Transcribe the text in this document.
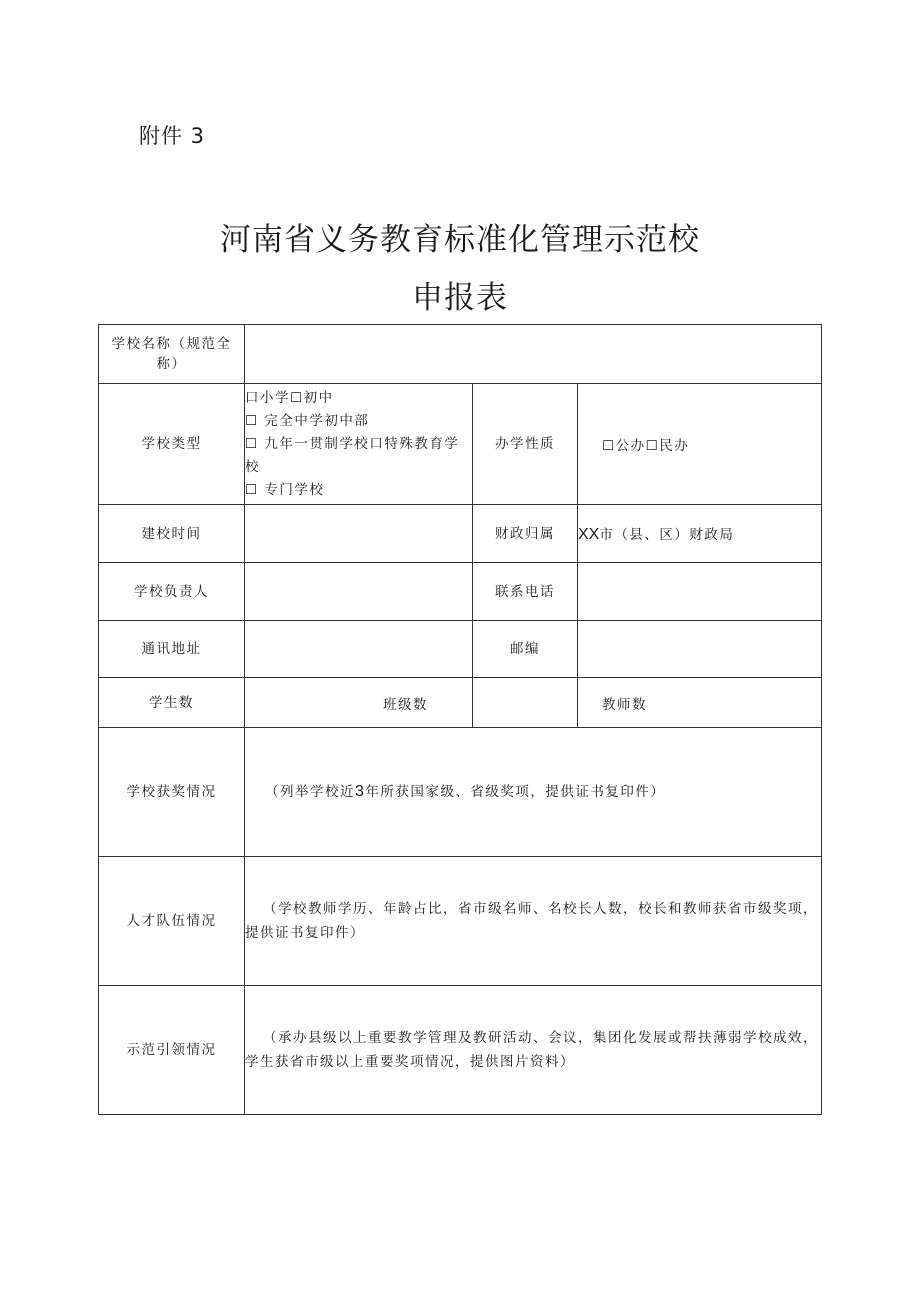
附件 3
河南省义务教育标准化管理示范校
申报表
学校名称（规范全称）			
学校类型	口小学☐初中
☐ 完全中学初中部
☐ 九年一贯制学校口特殊教育学校
☐ 专门学校	办学性质	☐公办☐民办
建校时间		财政归属	XX市（县、区）财政局
学校负责人		联系电话	
通讯地址		邮编	
学生数	班级数		教师数
学校获奖情况	（列举学校近3年所获国家级、省级奖项，提供证书复印件）		

人才队伍情况	（学校教师学历、年龄占比，省市级名师、名校长人数，校长和教师获省市级奖项，提供证书复印件）		

示范引领情况	（承办县级以上重要教学管理及教研活动、会议，集团化发展或帮扶薄弱学校成效，学生获省市级以上重要奖项情况，提供图片资料）		
